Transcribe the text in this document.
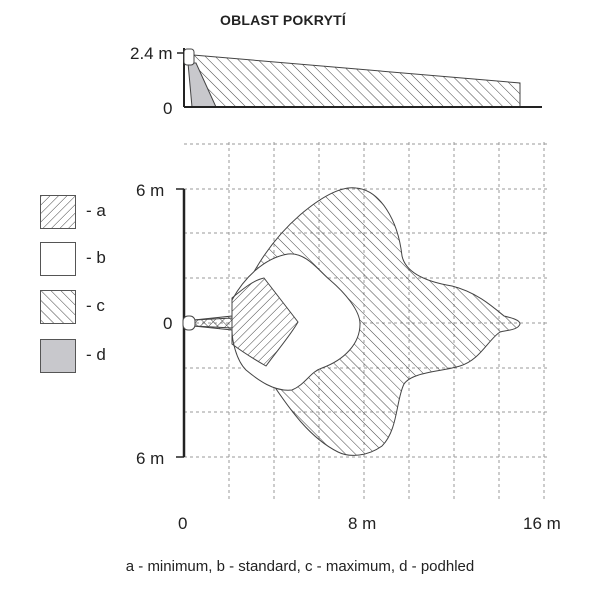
OBLAST POKRYTÍ
2.4 m
0
6 m
0
6 m
0	8 m	16 m
- a
- b
- c
- d
a - minimum, b - standard, c - maximum, d - podhled
